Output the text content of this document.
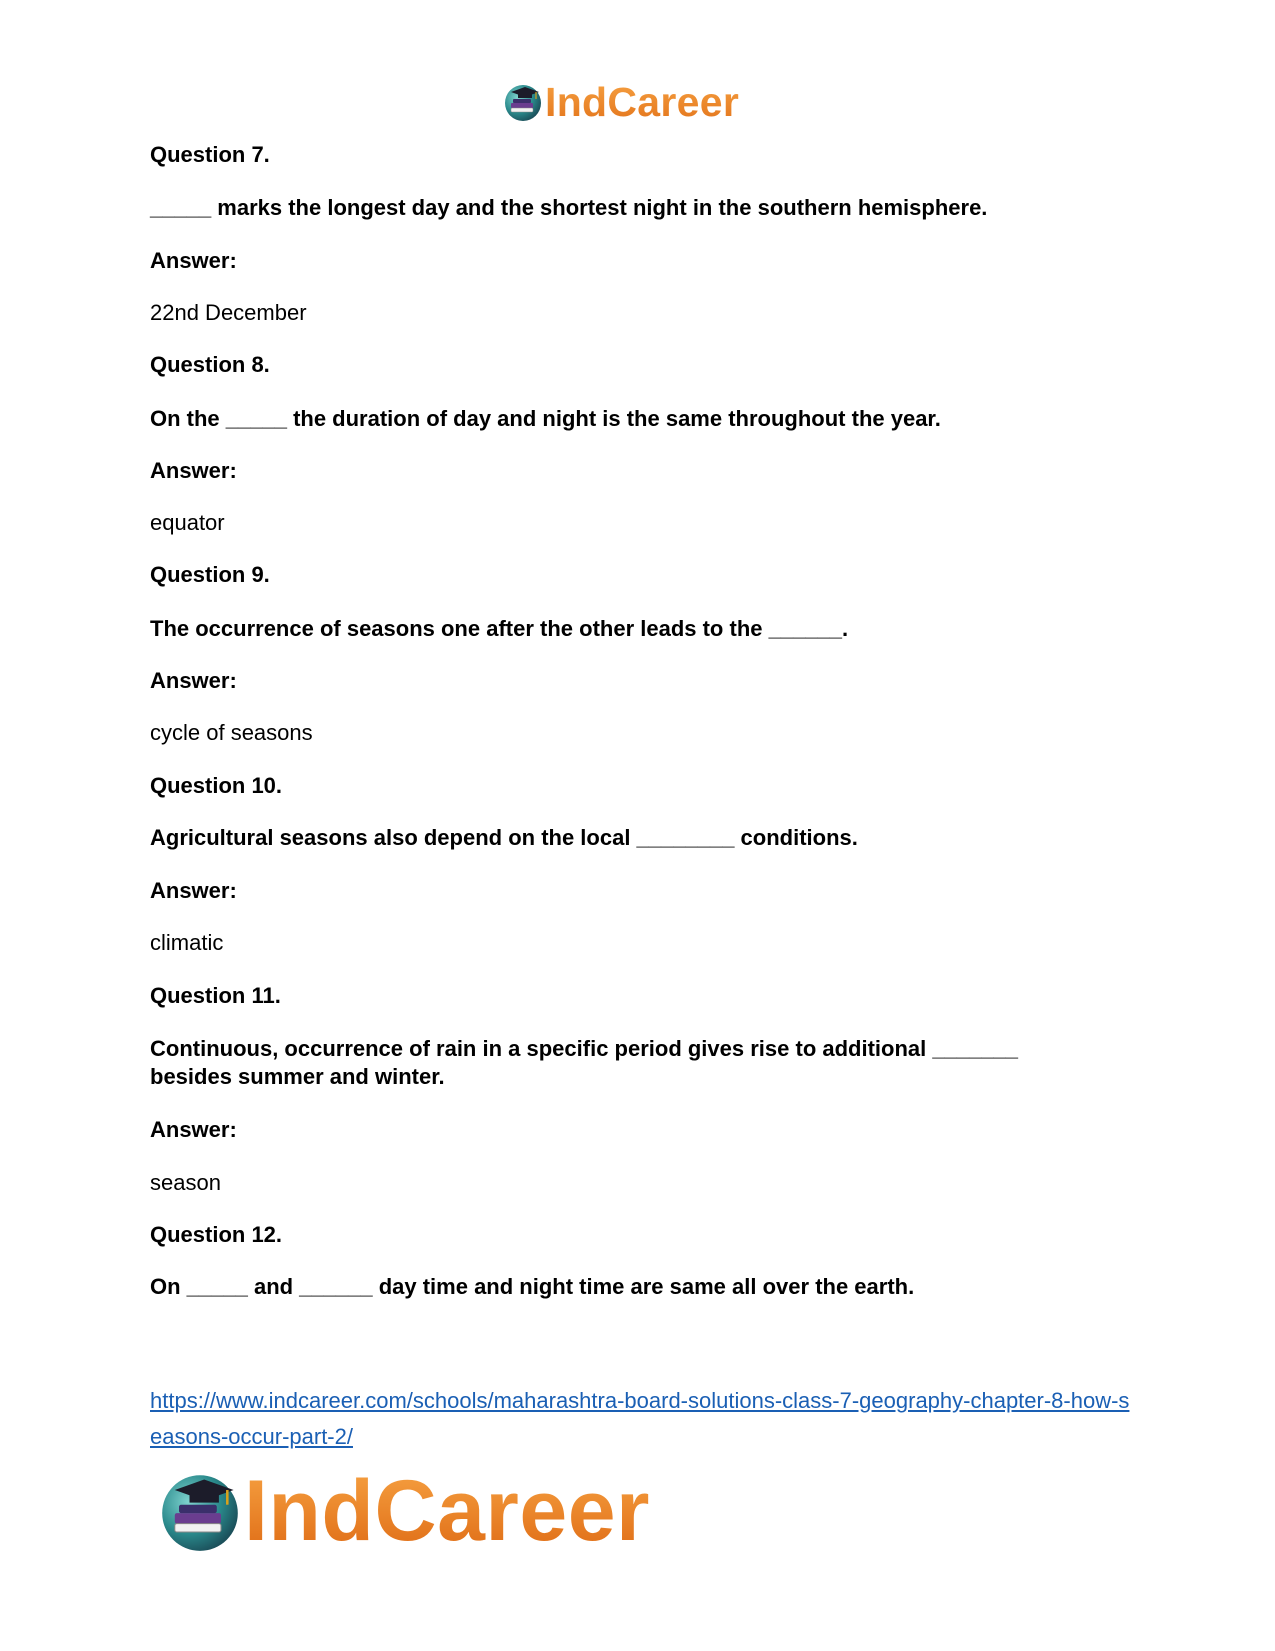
IndCareer
Question 7.
_____ marks the longest day and the shortest night in the southern hemisphere.
Answer:
22nd December
Question 8.
On the _____ the duration of day and night is the same throughout the year.
Answer:
equator
Question 9.
The occurrence of seasons one after the other leads to the ______.
Answer:
cycle of seasons
Question 10.
Agricultural seasons also depend on the local ________ conditions.
Answer:
climatic
Question 11.
Continuous, occurrence of rain in a specific period gives rise to additional _______
besides summer and winter.
Answer:
season
Question 12.
On _____ and ______ day time and night time are same all over the earth.
https://www.indcareer.com/schools/maharashtra-board-solutions-class-7-geography-chapter-8-how-seasons-occur-part-2/
IndCareer
